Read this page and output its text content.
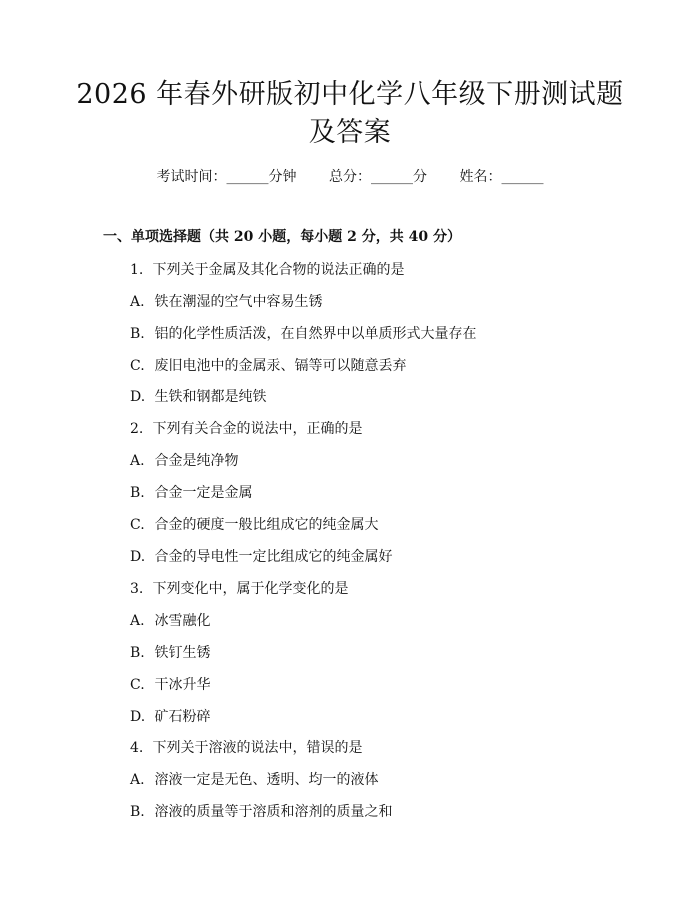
2026 年春外研版初中化学八年级下册测试题
及答案
考试时间：______分钟 总分：______分 姓名：______
一、单项选择题（共 20 小题，每小题 2 分，共 40 分）
1. 下列关于金属及其化合物的说法正确的是
A. 铁在潮湿的空气中容易生锈
B. 铝的化学性质活泼，在自然界中以单质形式大量存在
C. 废旧电池中的金属汞、镉等可以随意丢弃
D. 生铁和钢都是纯铁
2. 下列有关合金的说法中，正确的是
A. 合金是纯净物
B. 合金一定是金属
C. 合金的硬度一般比组成它的纯金属大
D. 合金的导电性一定比组成它的纯金属好
3. 下列变化中，属于化学变化的是
A. 冰雪融化
B. 铁钉生锈
C. 干冰升华
D. 矿石粉碎
4. 下列关于溶液的说法中，错误的是
A. 溶液一定是无色、透明、均一的液体
B. 溶液的质量等于溶质和溶剂的质量之和
